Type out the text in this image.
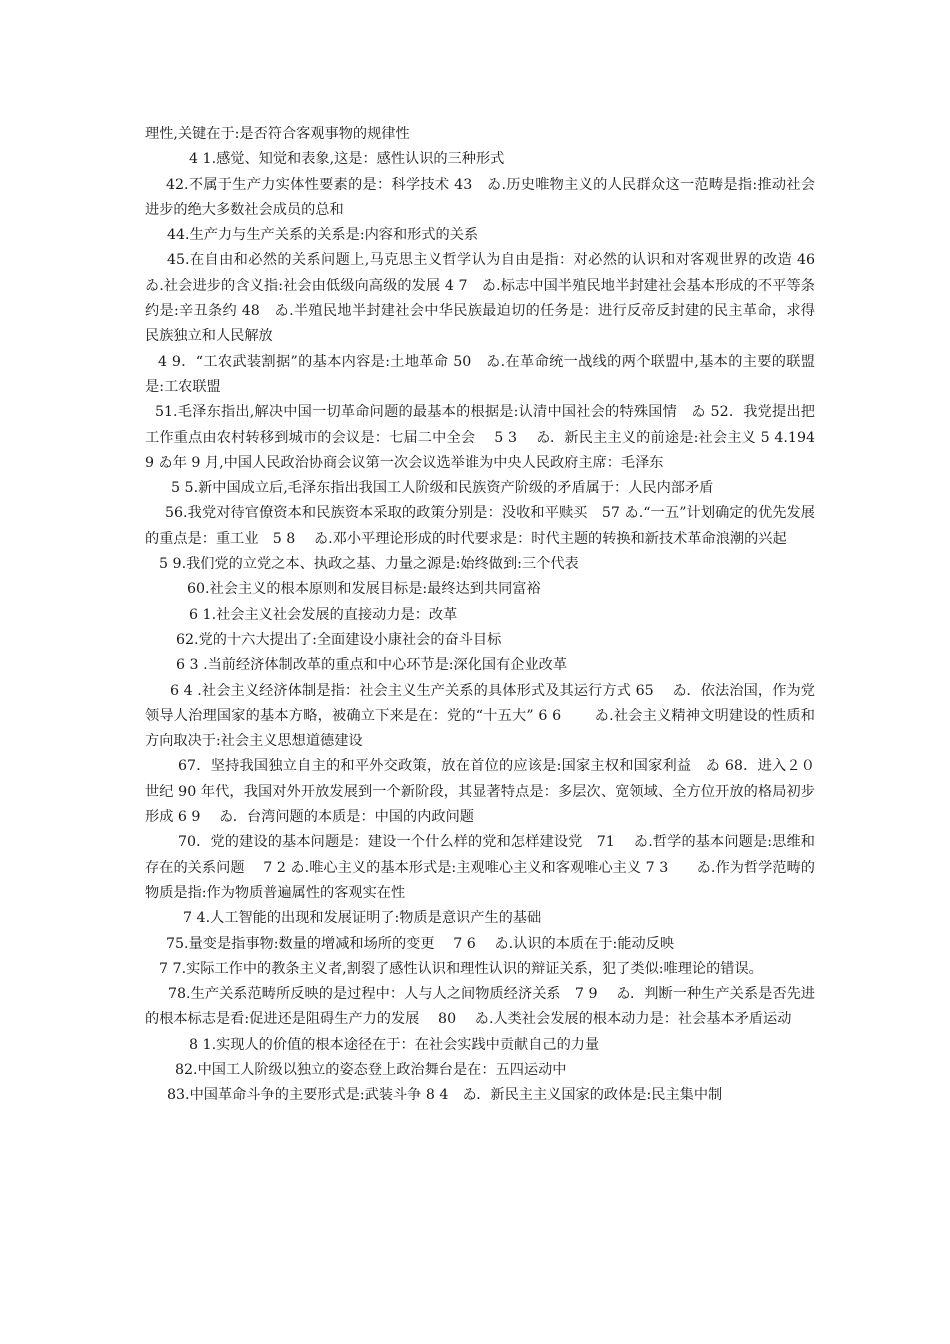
理性,关键在于:是否符合客观事物的规律性

4 1.感觉、知觉和表象,这是：感性认识的三种形式

42.不属于生产力实体性要素的是：科学技术 43　ゐ.历史唯物主义的人民群众这一范畴是指:推动社会进步的绝大多数社会成员的总和

44.生产力与生产关系的关系是:内容和形式的关系

45.在自由和必然的关系问题上,马克思主义哲学认为自由是指：对必然的认识和对客观世界的改造 46　ゐ.社会进步的含义指:社会由低级向高级的发展 4 7　ゐ.标志中国半殖民地半封建社会基本形成的不平等条约是:辛丑条约 48　ゐ.半殖民地半封建社会中华民族最迫切的任务是：进行反帝反封建的民主革命，求得民族独立和人民解放

4 9．“工农武装割据”的基本内容是:土地革命 50　ゐ.在革命统一战线的两个联盟中,基本的主要的联盟是:工农联盟

51.毛泽东指出,解决中国一切革命问题的最基本的根据是:认清中国社会的特殊国情　ゐ 52．我党提出把工作重点由农村转移到城市的会议是：七届二中全会　 5 3　 ゐ．新民主主义的前途是:社会主义 5 4.1949 ゐ年 9 月,中国人民政治协商会议第一次会议选举谁为中央人民政府主席：毛泽东

5 5.新中国成立后,毛泽东指出我国工人阶级和民族资产阶级的矛盾属于：人民内部矛盾

56.我党对待官僚资本和民族资本采取的政策分别是：没收和平赎买　57 ゐ.“一五”计划确定的优先发展的重点是：重工业　5 8　 ゐ.邓小平理论形成的时代要求是：时代主题的转换和新技术革命浪潮的兴起

5 9.我们党的立党之本、执政之基、力量之源是:始终做到:三个代表

60.社会主义的根本原则和发展目标是:最终达到共同富裕

6 1.社会主义社会发展的直接动力是：改革

62.党的十六大提出了:全面建设小康社会的奋斗目标

6 3 .当前经济体制改革的重点和中心环节是:深化国有企业改革

6 4 .社会主义经济体制是指：社会主义生产关系的具体形式及其运行方式 65　 ゐ．依法治国，作为党领导人治理国家的基本方略，被确立下来是在：党的“十五大” 6 6　　 ゐ.社会主义精神文明建设的性质和方向取决于:社会主义思想道德建设

67．坚持我国独立自主的和平外交政策，放在首位的应该是:国家主权和国家利益　ゐ 68．进入２０世纪 90 年代，我国对外开放发展到一个新阶段，其显著特点是：多层次、宽领域、全方位开放的格局初步形成 6 9　 ゐ．台湾问题的本质是：中国的内政问题

70．党的建设的基本问题是：建设一个什么样的党和怎样建设党　71　 ゐ.哲学的基本问题是:思维和存在的关系问题　 7 2 ゐ.唯心主义的基本形式是:主观唯心主义和客观唯心主义 7 3　　ゐ.作为哲学范畴的物质是指:作为物质普遍属性的客观实在性

7 4.人工智能的出现和发展证明了:物质是意识产生的基础

75.量变是指事物:数量的增减和场所的变更　 7 6　 ゐ.认识的本质在于:能动反映

7 7.实际工作中的教条主义者,割裂了感性认识和理性认识的辩证关系，犯了类似:唯理论的错误。

78.生产关系范畴所反映的是过程中：人与人之间物质经济关系　7 9　 ゐ．判断一种生产关系是否先进的根本标志是看:促进还是阻碍生产力的发展　 80　 ゐ.人类社会发展的根本动力是：社会基本矛盾运动

8 1.实现人的价值的根本途径在于：在社会实践中贡献自己的力量

82.中国工人阶级以独立的姿态登上政治舞台是在：五四运动中

83.中国革命斗争的主要形式是:武装斗争 8 4　ゐ．新民主主义国家的政体是:民主集中制
